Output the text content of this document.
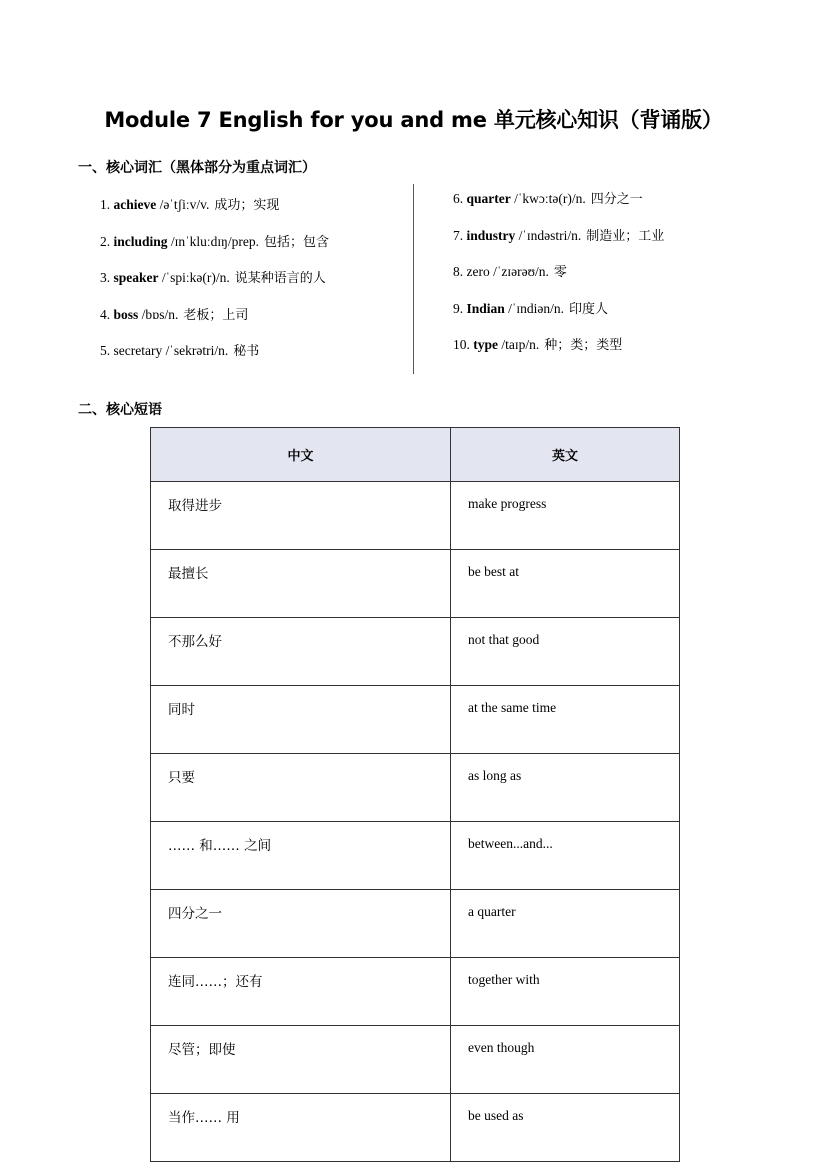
Module 7 English for you and me 单元核心知识（背诵版）
一、核心词汇（黑体部分为重点词汇）
1. achieve /əˈtʃiːv/v. 成功；实现
2. including /ɪnˈkluːdɪŋ/prep. 包括；包含
3. speaker /ˈspiːkə(r)/n. 说某种语言的人
4. boss /bɒs/n. 老板；上司
5. secretary /ˈsekrətri/n. 秘书
6. quarter /ˈkwɔːtə(r)/n. 四分之一
7. industry /ˈɪndəstri/n. 制造业；工业
8. zero /ˈzɪərəʊ/n. 零
9. Indian /ˈɪndiən/n. 印度人
10. type /taɪp/n. 种；类；类型
二、核心短语
中文	英文
取得进步	make progress
最擅长	be best at
不那么好	not that good
同时	at the same time
只要	as long as
…… 和…… 之间	between...and...
四分之一	a quarter
连同……；还有	together with
尽管；即使	even though
当作…… 用	be used as
